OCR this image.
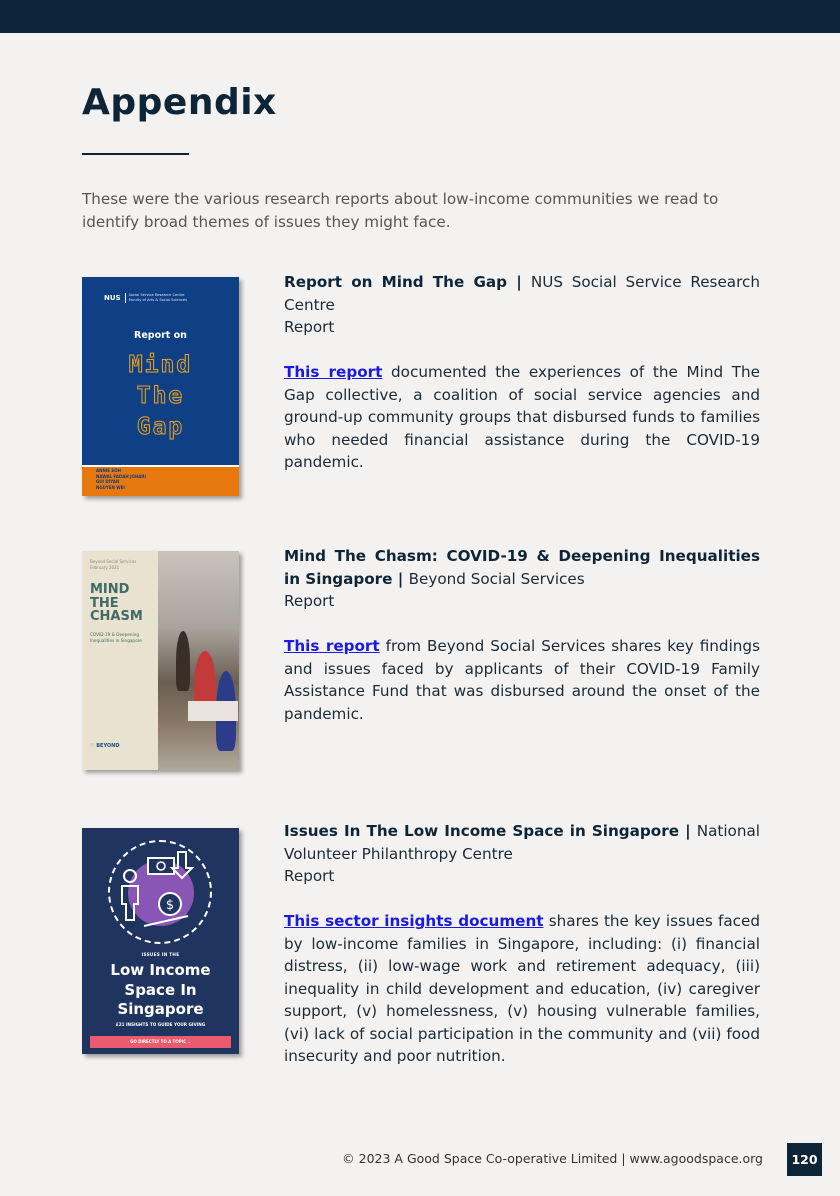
Appendix

These were the various research reports about low-income communities we read to identify broad themes of issues they might face.

NUS	Social Service Research Centre
Faculty of Arts & Social Sciences
Report on
Mind
The
Gap
ANNIE SOH
NAWAL FADAH JOHARI
GUI DIYAN
NGUYEN WEI
Report on Mind The Gap | NUS Social Service Research Centre
Report
This report documented the experiences of the Mind The Gap collective, a coalition of social service agencies and ground-up community groups that disbursed funds to families who needed financial assistance during the COVID-19 pandemic.
Beyond Social Services
February 2021
MIND
THE
CHASM
COVID-19 & Deepening
Inequalities in Singapore
♡ BEYOND
Mind The Chasm: COVID-19 & Deepening Inequalities in Singapore | Beyond Social Services
Report
This report from Beyond Social Services shares key findings and issues faced by applicants of their COVID-19 Family Assistance Fund that was disbursed around the onset of the pandemic.
$
ISSUES IN THE
Low Income
Space In
Singapore
£21 INSIGHTS TO GUIDE YOUR GIVING
GO DIRECTLY TO A TOPIC ⌄
Issues In The Low Income Space in Singapore | National Volunteer Philanthropy Centre
Report
This sector insights document shares the key issues faced by low-income families in Singapore, including: (i) financial distress, (ii) low-wage work and retirement adequacy, (iii) inequality in child development and education, (iv) caregiver support, (v) homelessness, (v) housing vulnerable families, (vi) lack of social participation in the community and (vii) food insecurity and poor nutrition.
© 2023 A Good Space Co-operative Limited | www.agoodspace.org	120
